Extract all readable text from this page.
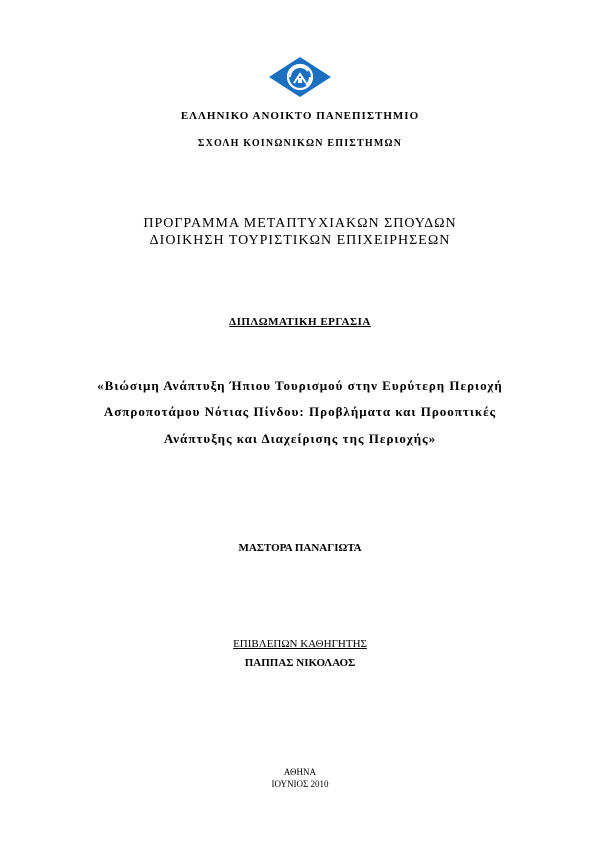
ΕΛΛΗΝΙΚΟ ΑΝΟΙΚΤΟ ΠΑΝΕΠΙΣΤΗΜΙΟ
ΣΧΟΛΗ ΚΟΙΝΩΝΙΚΩΝ ΕΠΙΣΤΗΜΩΝ
ΠΡΟΓΡΑΜΜΑ ΜΕΤΑΠΤΥΧΙΑΚΩΝ ΣΠΟΥΔΩΝ
ΔΙΟΙΚΗΣΗ ΤΟΥΡΙΣΤΙΚΩΝ ΕΠΙΧΕΙΡΗΣΕΩΝ
ΔΙΠΛΩΜΑΤΙΚΗ ΕΡΓΑΣΙΑ
«Βιώσιμη Ανάπτυξη Ήπιου Τουρισμού στην Ευρύτερη Περιοχή
Ασπροποτάμου Νότιας Πίνδου: Προβλήματα και Προοπτικές
Ανάπτυξης και Διαχείρισης της Περιοχής»
ΜΑΣΤΟΡΑ ΠΑΝΑΓΙΩΤΑ
ΕΠΙΒΛΕΠΩΝ ΚΑΘΗΓΗΤΗΣ
ΠΑΠΠΑΣ ΝΙΚΟΛΑΟΣ
ΑΘΗΝΑ
ΙΟΥΝΙΟΣ 2010
